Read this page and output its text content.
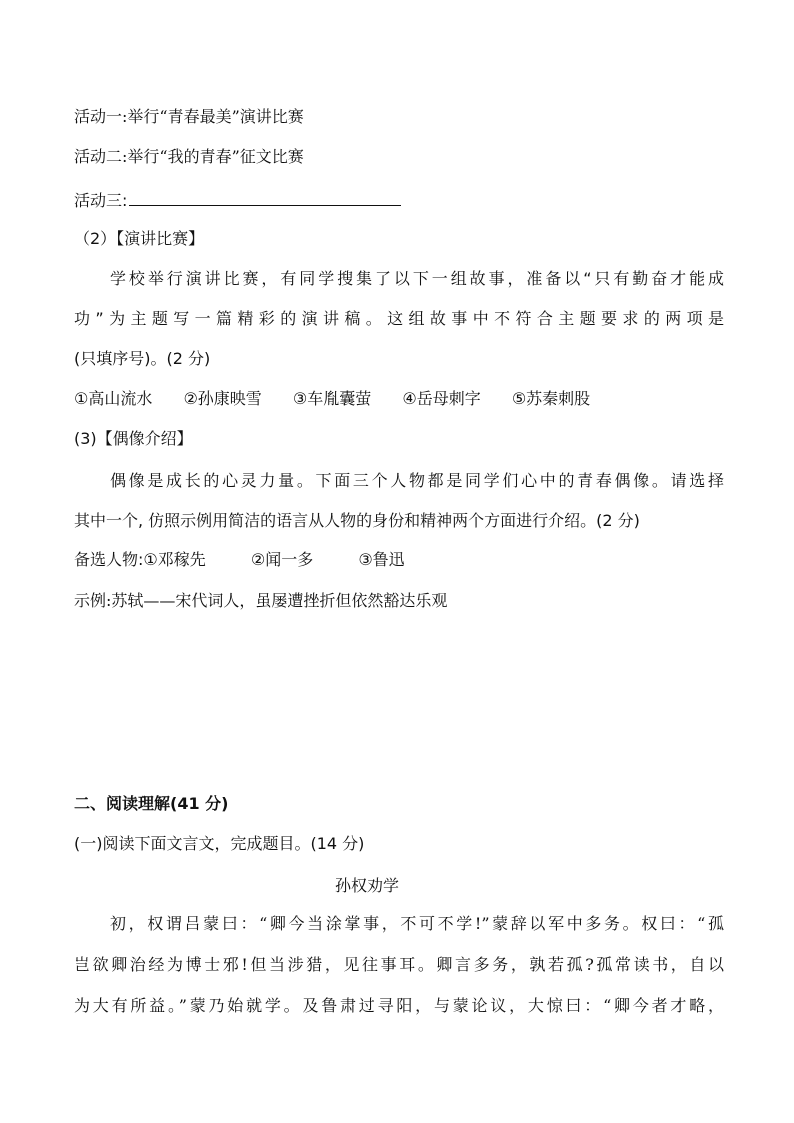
活动一:举行“青春最美”演讲比赛
活动二:举行“我的青春”征文比赛
活动三:
（2）【演讲比赛】
学校举行演讲比赛，有同学搜集了以下一组故事，准备以“只有勤奋才能成
功”为主题写一篇精彩的演讲稿。这组故事中不符合主题要求的两项是
(只填序号)。(2 分)
①高山流水 ②孙康映雪 ③车胤囊萤 ④岳母刺字 ⑤苏秦刺股
(3)【偶像介绍】
偶像是成长的心灵力量。下面三个人物都是同学们心中的青春偶像。请选择
其中一个, 仿照示例用简洁的语言从人物的身份和精神两个方面进行介绍。(2 分)
备选人物:①邓稼先	②闻一多	③鲁迅
示例:苏轼——宋代词人，虽屡遭挫折但依然豁达乐观
二、阅读理解(41 分)
(一)阅读下面文言文，完成题目。(14 分)
孙权劝学
初，权谓吕蒙曰：“卿今当涂掌事，不可不学!”蒙辞以军中多务。权曰：“孤
岂欲卿治经为博士邪!但当涉猎，见往事耳。卿言多务，孰若孤?孤常读书，自以
为大有所益。”蒙乃始就学。及鲁肃过寻阳，与蒙论议，大惊曰：“卿今者才略，
